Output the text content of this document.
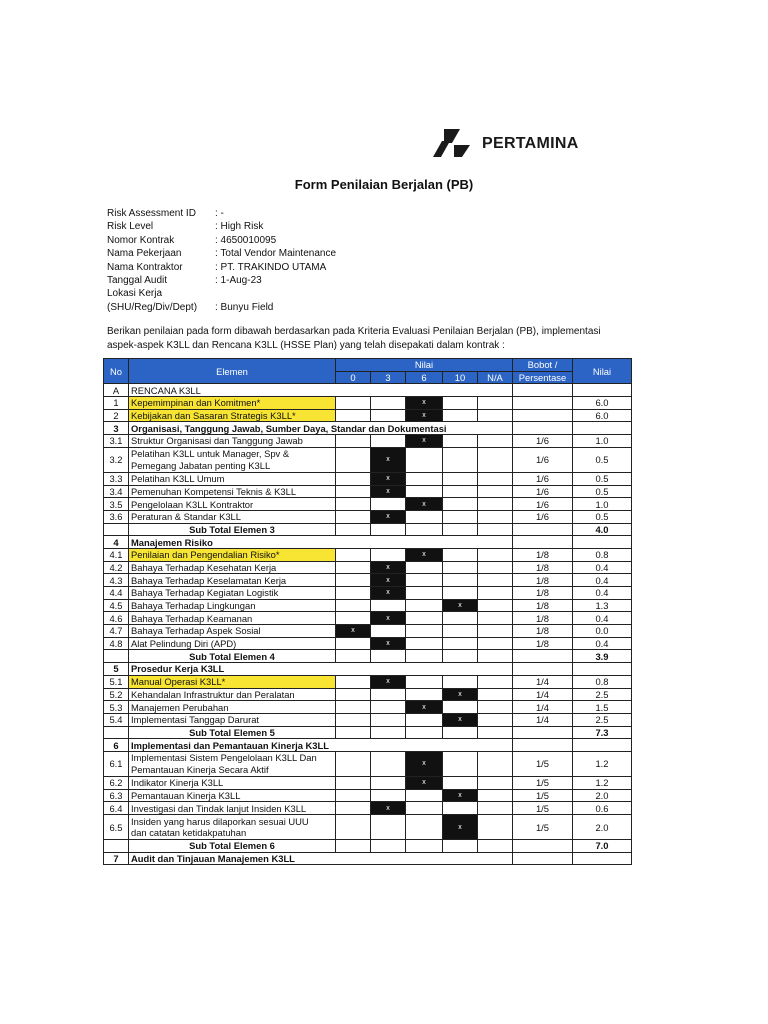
PERTAMINA
Form Penilaian Berjalan (PB)
Risk Assessment ID	: -
Risk Level	: High Risk
Nomor Kontrak	: 4650010095
Nama Pekerjaan	: Total Vendor Maintenance
Nama Kontraktor	: PT. TRAKINDO UTAMA
Tanggal Audit	: 1-Aug-23
Lokasi Kerja
(SHU/Reg/Div/Dept)	: Bunyu Field
Berikan penilaian pada form dibawah berdasarkan pada Kriteria Evaluasi Penilaian Berjalan (PB), implementasi aspek-aspek K3LL dan Rencana K3LL (HSSE Plan) yang telah disepakati dalam kontrak :
No	Elemen	Nilai					Bobot /	Nilai
		0	3	6	10	N/A	Persentase	
A	RENCANA K3LL							
1	Kepemimpinan dan Komitmen*			x				6.0
2	Kebijakan dan Sasaran Strategis K3LL*			x				6.0
3	Organisasi, Tanggung Jawab, Sumber Daya, Standar dan Dokumentasi							
3.1	Struktur Organisasi dan Tanggung Jawab			x			1/6	1.0
3.2	Pelatihan K3LL untuk Manager, Spv &
Pemegang Jabatan penting K3LL		x				1/6	0.5
3.3	Pelatihan K3LL Umum		x				1/6	0.5
3.4	Pemenuhan Kompetensi Teknis & K3LL		x				1/6	0.5
3.5	Pengelolaan K3LL Kontraktor			x			1/6	1.0
3.6	Peraturan & Standar K3LL		x				1/6	0.5
	Sub Total Elemen 3							4.0
4	Manajemen Risiko							
4.1	Penilaian dan Pengendalian Risiko*			x			1/8	0.8
4.2	Bahaya Terhadap Kesehatan Kerja		x				1/8	0.4
4.3	Bahaya Terhadap Keselamatan Kerja		x				1/8	0.4
4.4	Bahaya Terhadap Kegiatan Logistik		x				1/8	0.4
4.5	Bahaya Terhadap Lingkungan				x		1/8	1.3
4.6	Bahaya Terhadap Keamanan		x				1/8	0.4
4.7	Bahaya Terhadap Aspek Sosial	x					1/8	0.0
4.8	Alat Pelindung Diri (APD)		x				1/8	0.4
	Sub Total Elemen 4							3.9
5	Prosedur Kerja K3LL							
5.1	Manual Operasi K3LL*		x				1/4	0.8
5.2	Kehandalan Infrastruktur dan Peralatan				x		1/4	2.5
5.3	Manajemen Perubahan			x			1/4	1.5
5.4	Implementasi Tanggap Darurat				x		1/4	2.5
	Sub Total Elemen 5							7.3
6	Implementasi dan Pemantauan Kinerja K3LL							
6.1	Implementasi Sistem Pengelolaan K3LL Dan
Pemantauan Kinerja Secara Aktif			x			1/5	1.2
6.2	Indikator Kinerja K3LL			x			1/5	1.2
6.3	Pemantauan Kinerja K3LL				x		1/5	2.0
6.4	Investigasi dan Tindak lanjut Insiden K3LL		x				1/5	0.6
6.5	Insiden yang harus dilaporkan sesuai UUU
dan catatan ketidakpatuhan				x		1/5	2.0
	Sub Total Elemen 6							7.0
7	Audit dan Tinjauan Manajemen K3LL							
